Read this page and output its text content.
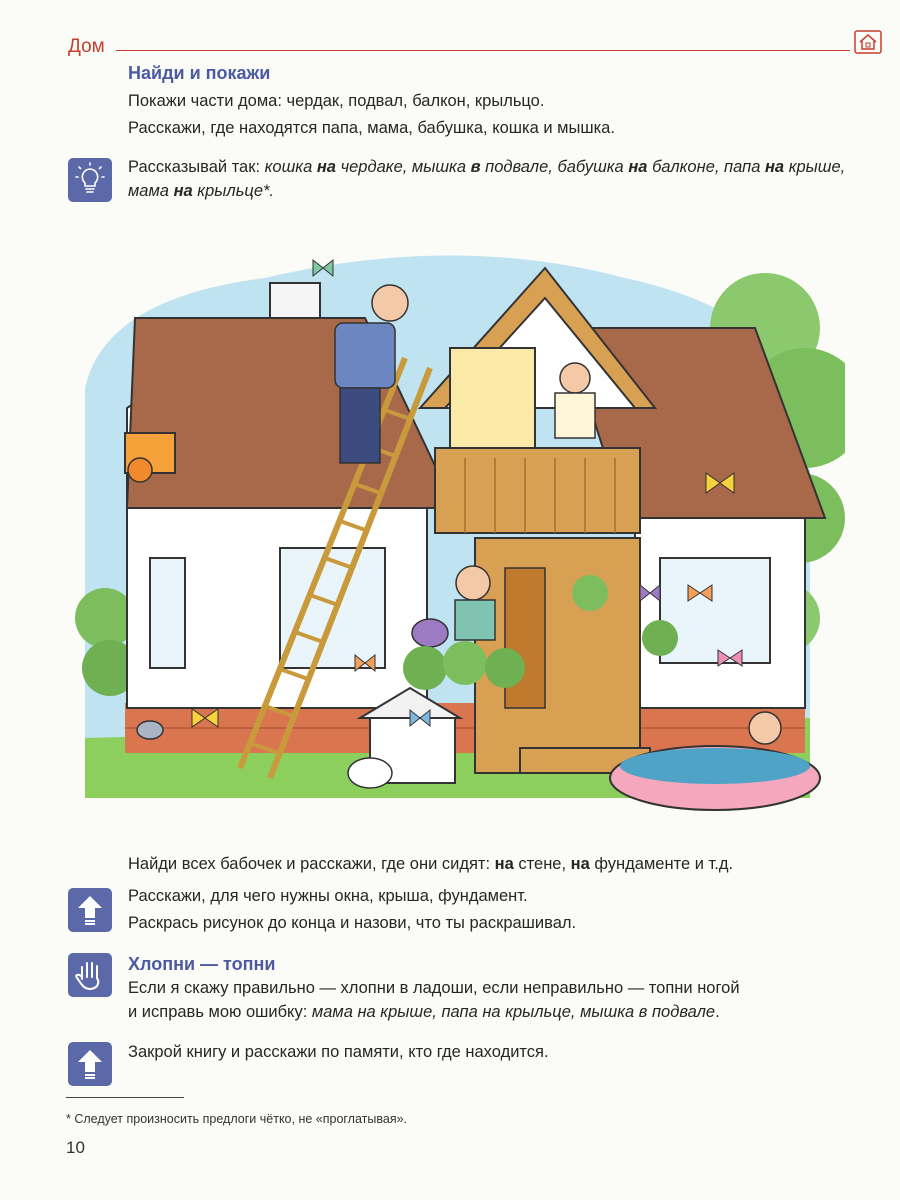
Дом
Найди и покажи
Покажи части дома: чердак, подвал, балкон, крыльцо.
Расскажи, где находятся папа, мама, бабушка, кошка и мышка.
Рассказывай так: кошка на чердаке, мышка в подвале, бабушка на балконе, папа на крыше, мама на крыльце*.
Найди всех бабочек и расскажи, где они сидят: на стене, на фундаменте и т.д.
Расскажи, для чего нужны окна, крыша, фундамент.
Раскрась рисунок до конца и назови, что ты раскрашивал.
Хлопни — топни
Если я скажу правильно — хлопни в ладоши, если неправильно — топни ногой
и исправь мою ошибку: мама на крыше, папа на крыльце, мышка в подвале.
Закрой книгу и расскажи по памяти, кто где находится.
* Следует произносить предлоги чётко, не «проглатывая».
10
